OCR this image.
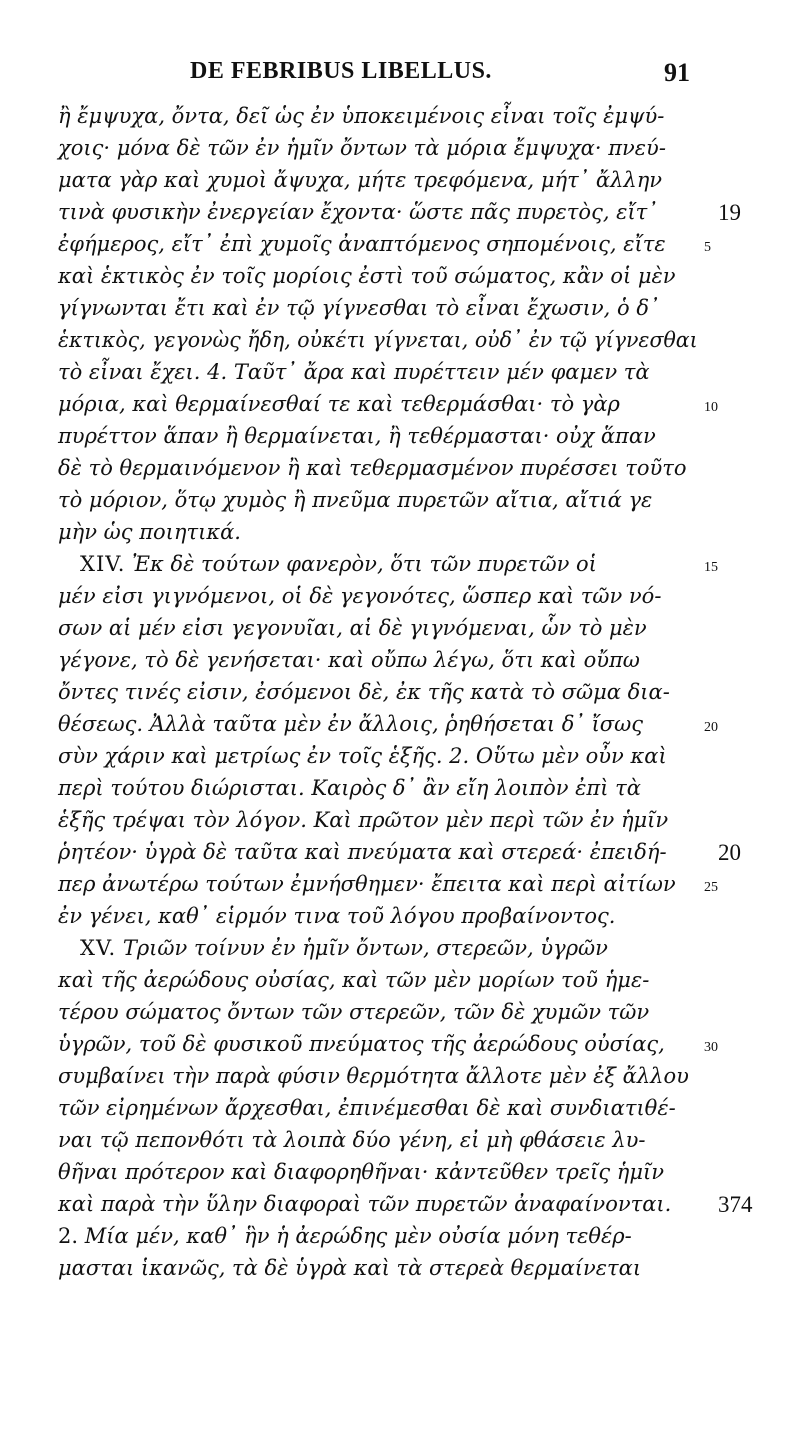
DE FEBRIBUS LIBELLUS.	91
ἢ ἔμψυχα, ὄντα, δεῖ ὡς ἐν ὑποκειμένοις εἶναι τοῖς ἐμψύ-
χοις· μόνα δὲ τῶν ἐν ἡμῖν ὄντων τὰ μόρια ἔμψυχα· πνεύ-
ματα γὰρ καὶ χυμοὶ ἄψυχα, μήτε τρεφόμενα, μήτ᾽ ἄλλην
τινὰ φυσικὴν ἐνεργείαν ἔχοντα· ὥστε πᾶς πυρετὸς, εἴτ᾽
ἐφήμερος, εἴτ᾽ ἐπὶ χυμοῖς ἀναπτόμενος σηπομένοις, εἴτε
καὶ ἑκτικὸς ἐν τοῖς μορίοις ἐστὶ τοῦ σώματος, κἂν οἱ μὲν
γίγνωνται ἔτι καὶ ἐν τῷ γίγνεσθαι τὸ εἶναι ἔχωσιν, ὁ δ᾽
ἑκτικὸς, γεγονὼς ἤδη, οὐκέτι γίγνεται, οὐδ᾽ ἐν τῷ γίγνεσθαι
τὸ εἶναι ἔχει. 4. Ταῦτ᾽ ἄρα καὶ πυρέττειν μέν φαμεν τὰ
μόρια, καὶ θερμαίνεσθαί τε καὶ τεθερμάσθαι· τὸ γὰρ
πυρέττον ἅπαν ἢ θερμαίνεται, ἢ τεθέρμασται· οὐχ ἅπαν
δὲ τὸ θερμαινόμενον ἢ καὶ τεθερμασμένον πυρέσσει τοῦτο
τὸ μόριον, ὅτῳ χυμὸς ἢ πνεῦμα πυρετῶν αἴτια, αἴτιά γε
μὴν ὡς ποιητικά.
XIV. Ἐκ δὲ τούτων φανερὸν, ὅτι τῶν πυρετῶν οἱ
μέν εἰσι γιγνόμενοι, οἱ δὲ γεγονότες, ὥσπερ καὶ τῶν νό-
σων αἱ μέν εἰσι γεγονυῖαι, αἱ δὲ γιγνόμεναι, ὧν τὸ μὲν
γέγονε, τὸ δὲ γενήσεται· καὶ οὔπω λέγω, ὅτι καὶ οὔπω
ὄντες τινές εἰσιν, ἐσόμενοι δὲ, ἐκ τῆς κατὰ τὸ σῶμα δια-
θέσεως. Ἀλλὰ ταῦτα μὲν ἐν ἄλλοις, ῥηθήσεται δ᾽ ἴσως
σὺν χάριν καὶ μετρίως ἐν τοῖς ἑξῆς. 2. Οὕτω μὲν οὖν καὶ
περὶ τούτου διώρισται. Καιρὸς δ᾽ ἂν εἴη λοιπὸν ἐπὶ τὰ
ἑξῆς τρέψαι τὸν λόγον. Καὶ πρῶτον μὲν περὶ τῶν ἐν ἡμῖν
ῥητέον· ὑγρὰ δὲ ταῦτα καὶ πνεύματα καὶ στερεά· ἐπειδή-
περ ἀνωτέρω τούτων ἐμνήσθημεν· ἔπειτα καὶ περὶ αἰτίων
ἐν γένει, καθ᾽ εἱρμόν τινα τοῦ λόγου προβαίνοντος.
XV. Τριῶν τοίνυν ἐν ἡμῖν ὄντων, στερεῶν, ὑγρῶν
καὶ τῆς ἀερώδους οὐσίας, καὶ τῶν μὲν μορίων τοῦ ἡμε-
τέρου σώματος ὄντων τῶν στερεῶν, τῶν δὲ χυμῶν τῶν
ὑγρῶν, τοῦ δὲ φυσικοῦ πνεύματος τῆς ἀερώδους οὐσίας,
συμβαίνει τὴν παρὰ φύσιν θερμότητα ἄλλοτε μὲν ἐξ ἄλλου
τῶν εἰρημένων ἄρχεσθαι, ἐπινέμεσθαι δὲ καὶ συνδιατιθέ-
ναι τῷ πεπονθότι τὰ λοιπὰ δύο γένη, εἰ μὴ φθάσειε λυ-
θῆναι πρότερον καὶ διαφορηθῆναι· κἀντεῦθεν τρεῖς ἡμῖν
καὶ παρὰ τὴν ὕλην διαφοραὶ τῶν πυρετῶν ἀναφαίνονται.
2. Μία μέν, καθ᾽ ἣν ἡ ἀερώδης μὲν οὐσία μόνη τεθέρ-
μασται ἱκανῶς, τὰ δὲ ὑγρὰ καὶ τὰ στερεὰ θερμαίνεται
5
10
15
20
25
30
19
20
374
